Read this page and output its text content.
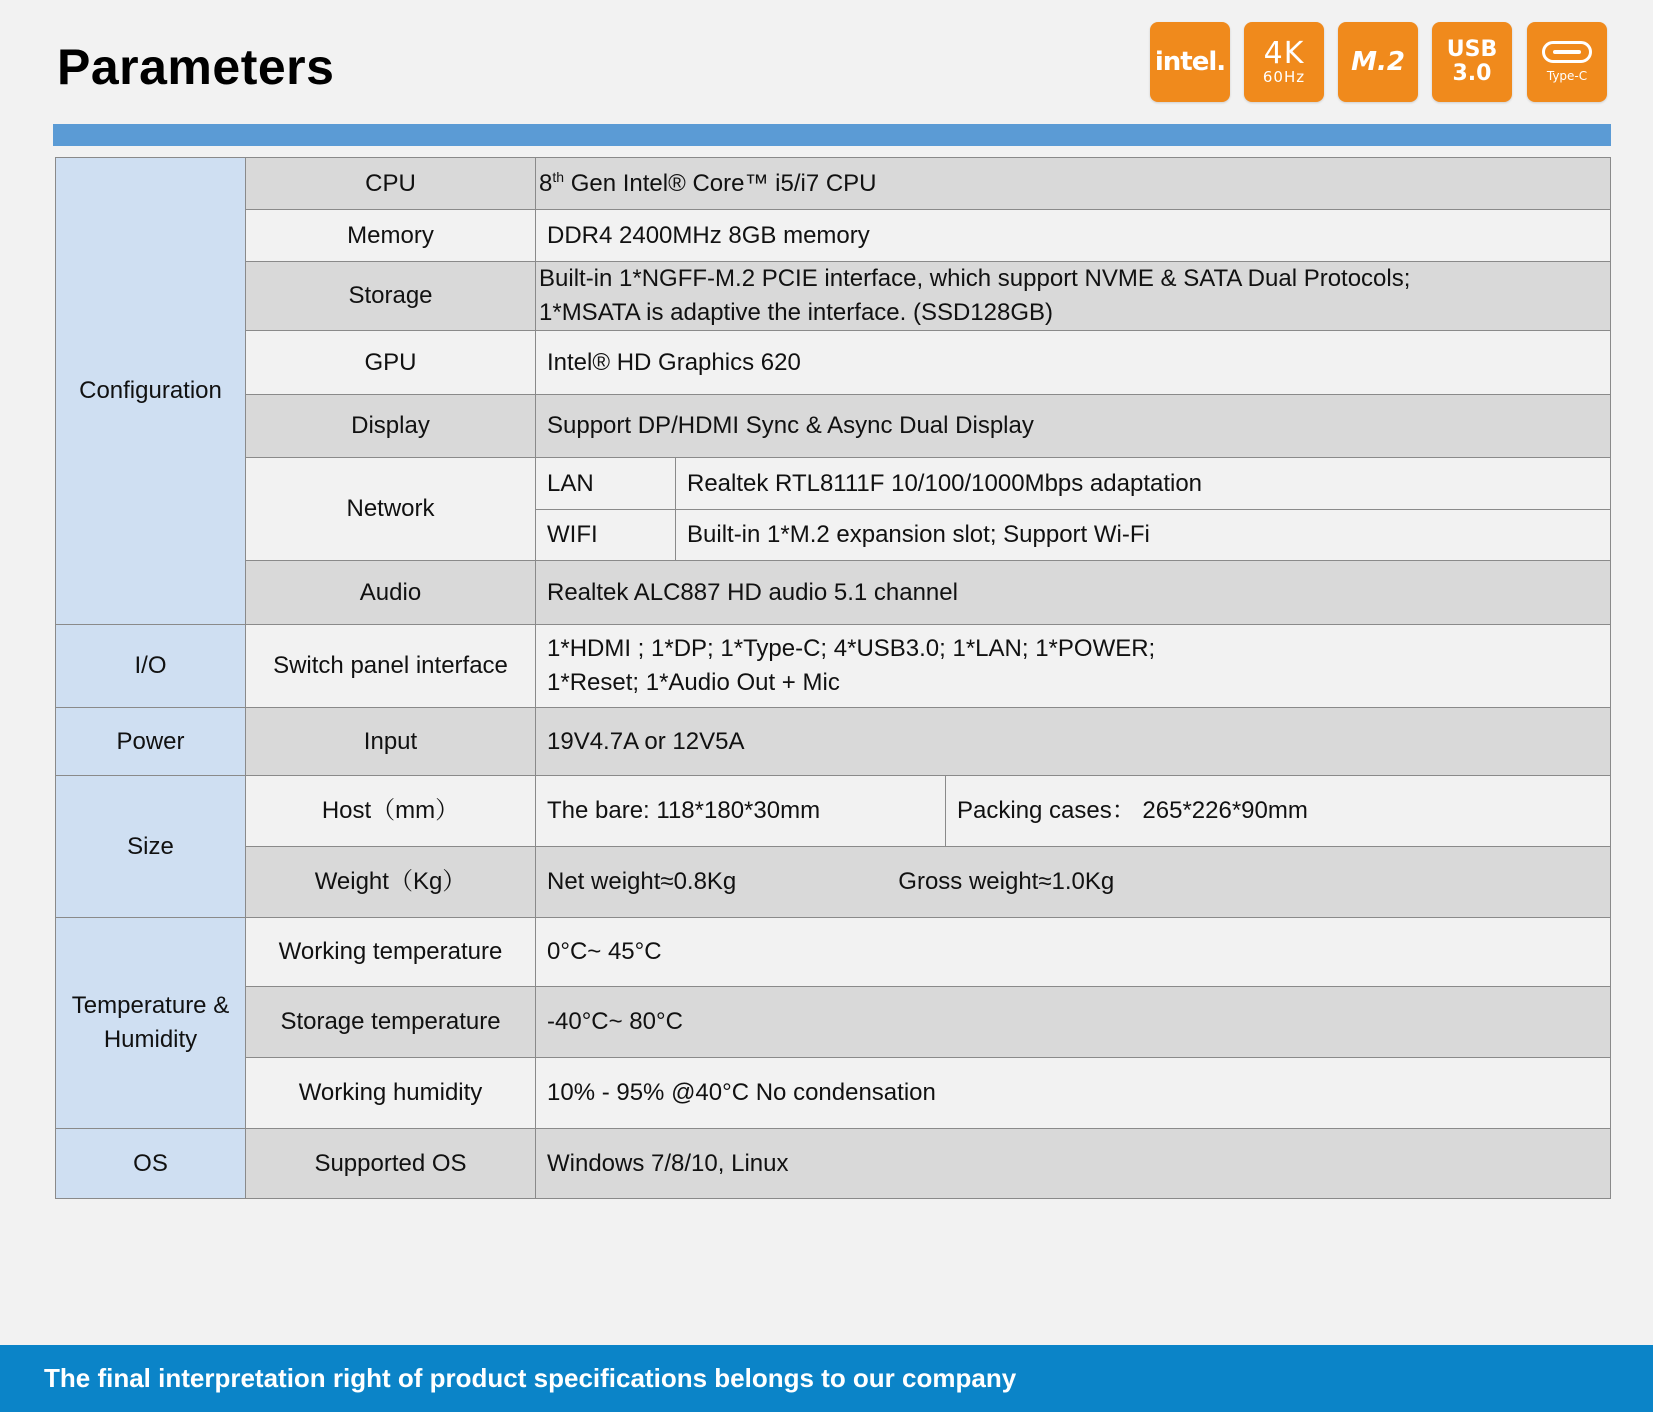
Parameters	intel. 4K
60Hz M.2 USB
3.0	Type-C
Configuration	CPU	8th Gen Intel® Core™ i5/i7 CPU		
	Memory	DDR4 2400MHz 8GB memory		
	Storage	Built-in 1*NGFF-M.2 PCIE interface, which support NVME & SATA Dual Protocols;
1*MSATA is adaptive the interface. (SSD128GB)		

	GPU	Intel® HD Graphics 620		
	Display	Support DP/HDMI Sync & Async Dual Display		
	Network	LAN	Realtek RTL8111F 10/100/1000Mbps adaptation	
		WIFI	Built-in 1*M.2 expansion slot; Support Wi-Fi	
	Audio	Realtek ALC887 HD audio 5.1 channel		
I/O	Switch panel interface	1*HDMI ; 1*DP; 1*Type-C; 4*USB3.0; 1*LAN; 1*POWER;
1*Reset; 1*Audio Out + Mic		

Power	Input	19V4.7A or 12V5A		
Size	Host（mm）	The bare: 118*180*30mm		Packing cases： 265*226*90mm
	Weight（Kg）	Net weight≈0.8Kg Gross weight≈1.0Kg		
Temperature & Humidity	Working temperature	0°C~ 45°C		
	Storage temperature	-40°C~ 80°C		
	Working humidity	10% - 95% @40°C No condensation		
OS	Supported OS	Windows 7/8/10, Linux		
The final interpretation right of product specifications belongs to our company
